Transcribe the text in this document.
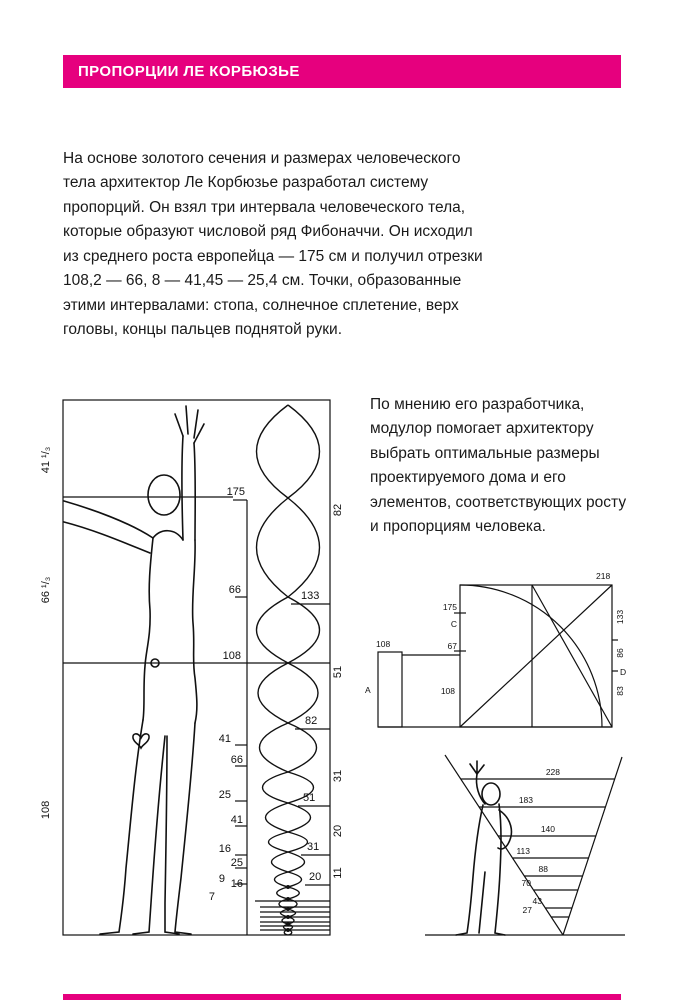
ПРОПОРЦИИ ЛЕ КОРБЮЗЬЕ

На основе золотого сечения и размерах человеческого тела архитектор Ле Корбюзье разработал систему пропорций. Он взял три интервала человеческого тела, которые образуют числовой ряд Фибоначчи. Он исходил из среднего роста европейца — 175 см и получил отрезки 108,2 — 66, 8 — 41,45 — 25,4 см. Точки, образованные этими интервалами: стопа, солнечное сплетение, верх головы, концы пальцев поднятой руки.

По мнению его разработчика, модулор помогает архитектору выбрать оптимальные размеры проектируемого дома и его элементов, соответствующих росту и пропорциям человека.

175
41 ¹/₃
66 ¹/₃
108
66
108
41
66
25
41
16
25
9 16
7
133
82
51
31
20
82
51
31
20
11
218
175
C
67
108
108
A
133
86
D
83
228
183
140
113
88
70
43
27
